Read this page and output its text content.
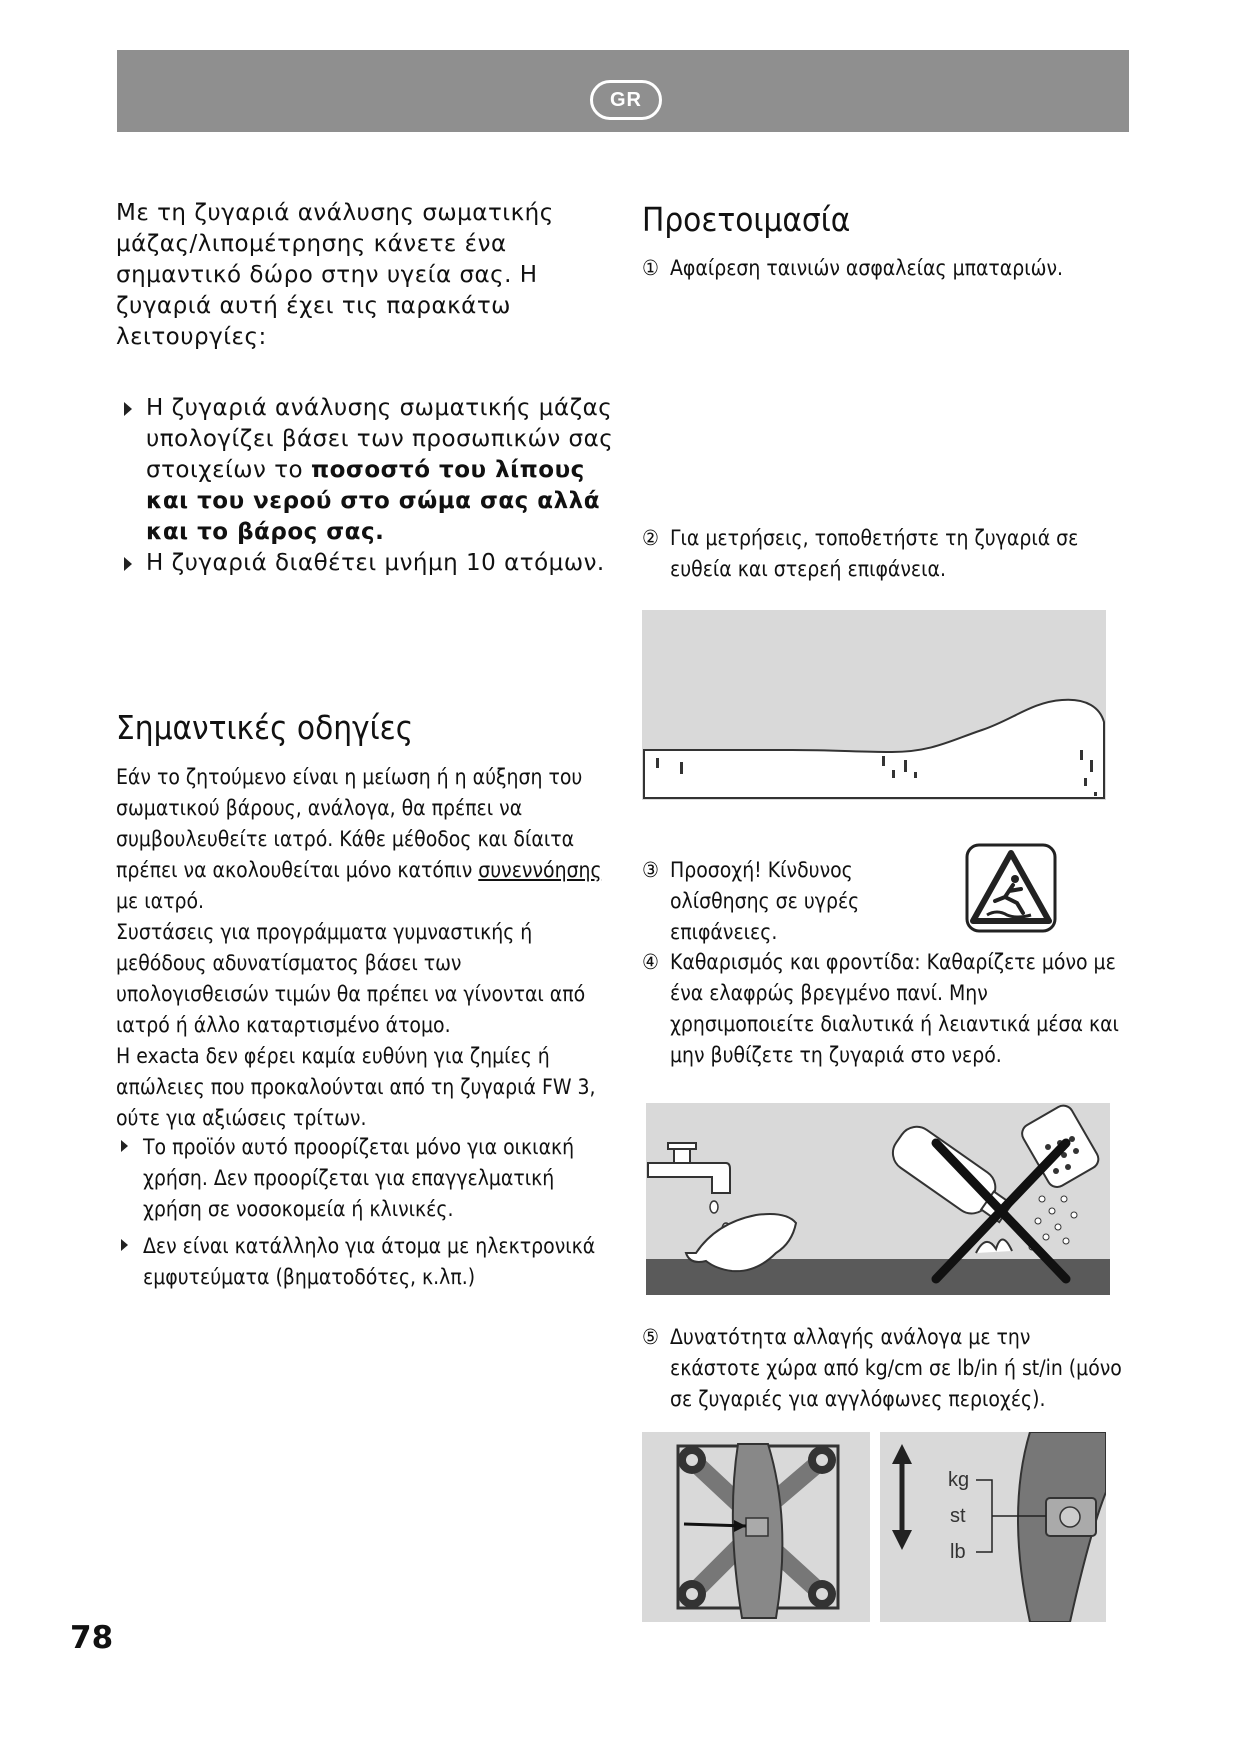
GR

Με τη ζυγαριά ανάλυσης σωματικής μάζας/λιπομέτρησης κάνετε ένα σημαντικό δώρο στην υγεία σας. Η ζυγαριά αυτή έχει τις παρακάτω λειτουργίες:

Η ζυγαριά ανάλυσης σωματικής μάζας υπολογίζει βάσει των προσωπικών σας στοιχείων το ποσοστό του λίπους και του νερού στο σώμα σας αλλά και το βάρος σας.
Η ζυγαριά διαθέτει μνήμη 10 ατόμων.
Σημαντικές οδηγίες

Εάν το ζητούμενο είναι η μείωση ή η αύξηση του σωματικού βάρους, ανάλογα, θα πρέπει να συμβουλευθείτε ιατρό. Κάθε μέθοδος και δίαιτα πρέπει να ακολουθείται μόνο κατόπιν συνεννόησης με ιατρό.

Συστάσεις για προγράμματα γυμναστικής ή μεθόδους αδυνατίσματος βάσει των υπολογισθεισών τιμών θα πρέπει να γίνονται από ιατρό ή άλλο καταρτισμένο άτομο.

Η exacta δεν φέρει καμία ευθύνη για ζημίες ή απώλειες που προκαλούνται από τη ζυγαριά FW 3, ούτε για αξιώσεις τρίτων.

Το προϊόν αυτό προορίζεται μόνο για οικιακή χρήση. Δεν προορίζεται για επαγγελματική χρήση σε νοσοκομεία ή κλινικές.
Δεν είναι κατάλληλο για άτομα με ηλεκτρονικά εμφυτεύματα (βηματοδότες, κ.λπ.)
Προετοιμασία
① Αφαίρεση ταινιών ασφαλείας μπαταριών.
② Για μετρήσεις, τοποθετήστε τη ζυγαριά σε ευθεία και στερεή επιφάνεια.
③ Προσοχή! Κίνδυνος ολίσθησης σε υγρές επιφάνειες.
④ Καθαρισμός και φροντίδα: Καθαρίζετε μόνο με ένα ελαφρώς βρεγμένο πανί. Μην χρησιμοποιείτε διαλυτικά ή λειαντικά μέσα και μην βυθίζετε τη ζυγαριά στο νερό.
⑤ Δυνατότητα αλλαγής ανάλογα με την εκάστοτε χώρα από kg/cm σε lb/in ή st/in (μόνο σε ζυγαριές για αγγλόφωνες περιοχές).
kg
st
lb
78
